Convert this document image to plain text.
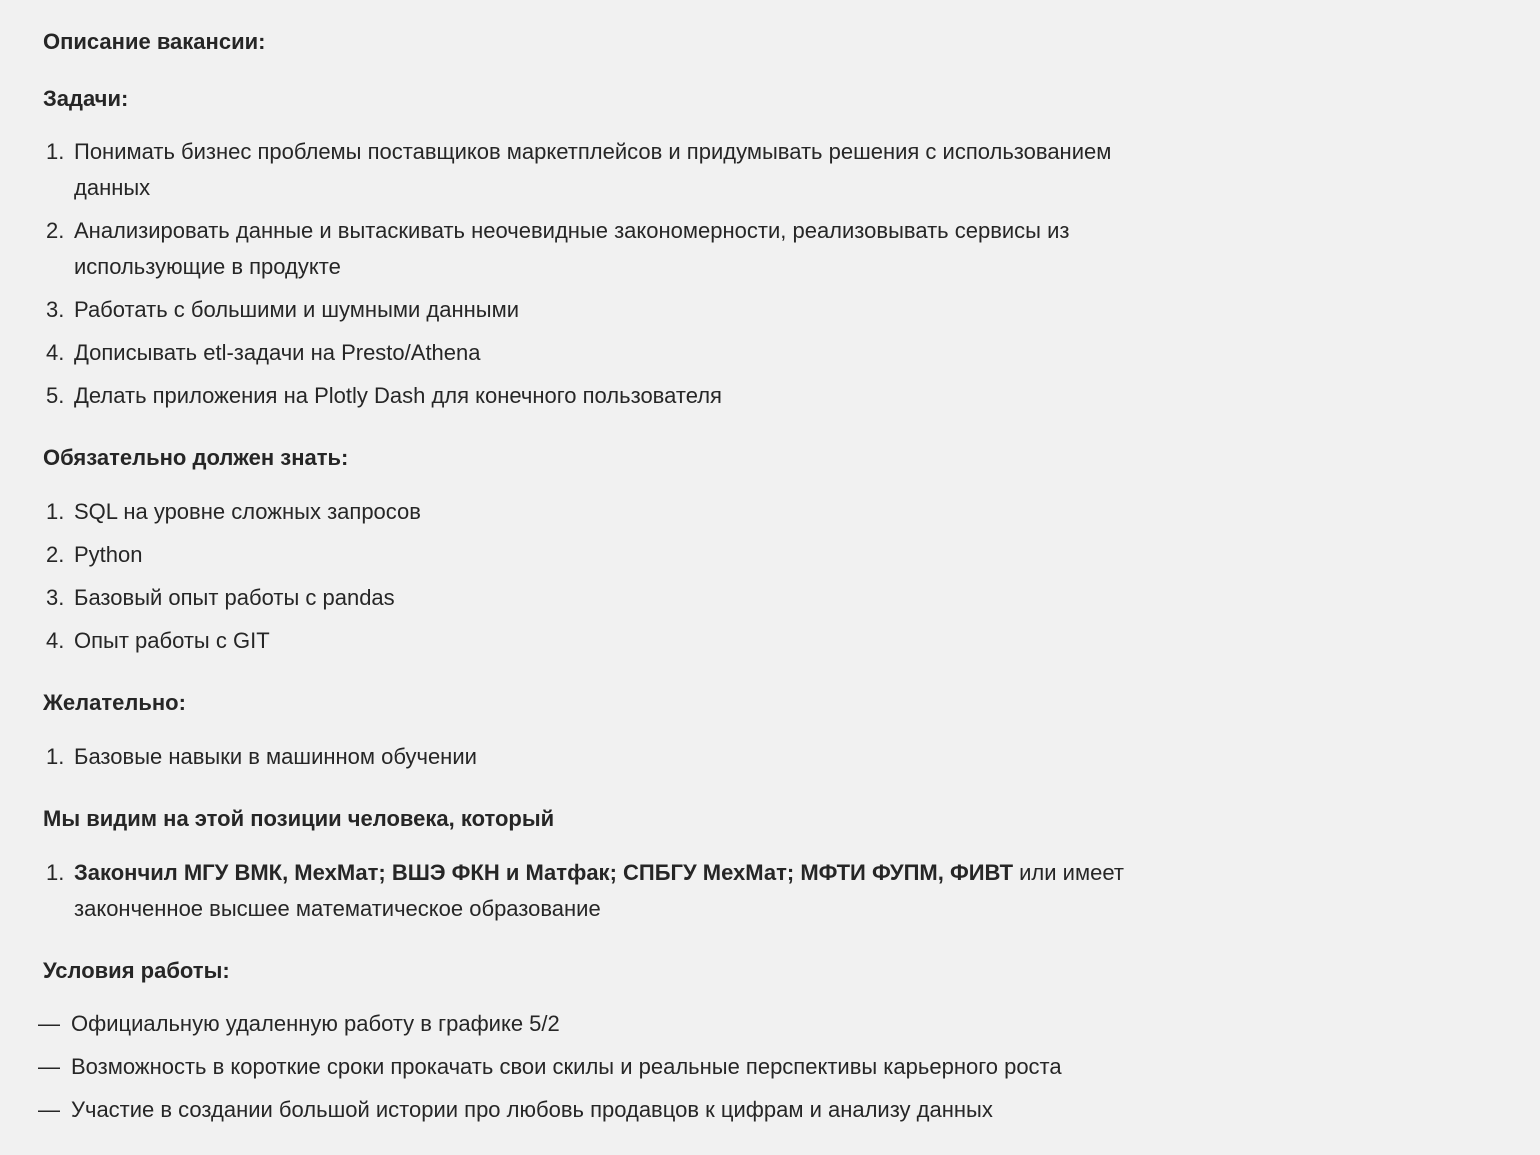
Описание вакансии:
Задачи:
1. Понимать бизнес проблемы поставщиков маркетплейсов и придумывать решения с использованием данных
2. Анализировать данные и вытаскивать неочевидные закономерности, реализовывать сервисы из использующие в продукте
3. Работать с большими и шумными данными
4. Дописывать etl-задачи на Presto/Athena
5. Делать приложения на Plotly Dash для конечного пользователя
Обязательно должен знать:
1. SQL на уровне сложных запросов
2. Python
3. Базовый опыт работы с pandas
4. Опыт работы с GIT
Желательно:
1. Базовые навыки в машинном обучении
Мы видим на этой позиции человека, который
1. Закончил МГУ ВМК, МехМат; ВШЭ ФКН и Матфак; СПБГУ МехМат; МФТИ ФУПМ, ФИВТ или имеет законченное высшее математическое образование
Условия работы:
— Официальную удаленную работу в графике 5/2
— Возможность в короткие сроки прокачать свои скилы и реальные перспективы карьерного роста
— Участие в создании большой истории про любовь продавцов к цифрам и анализу данных
